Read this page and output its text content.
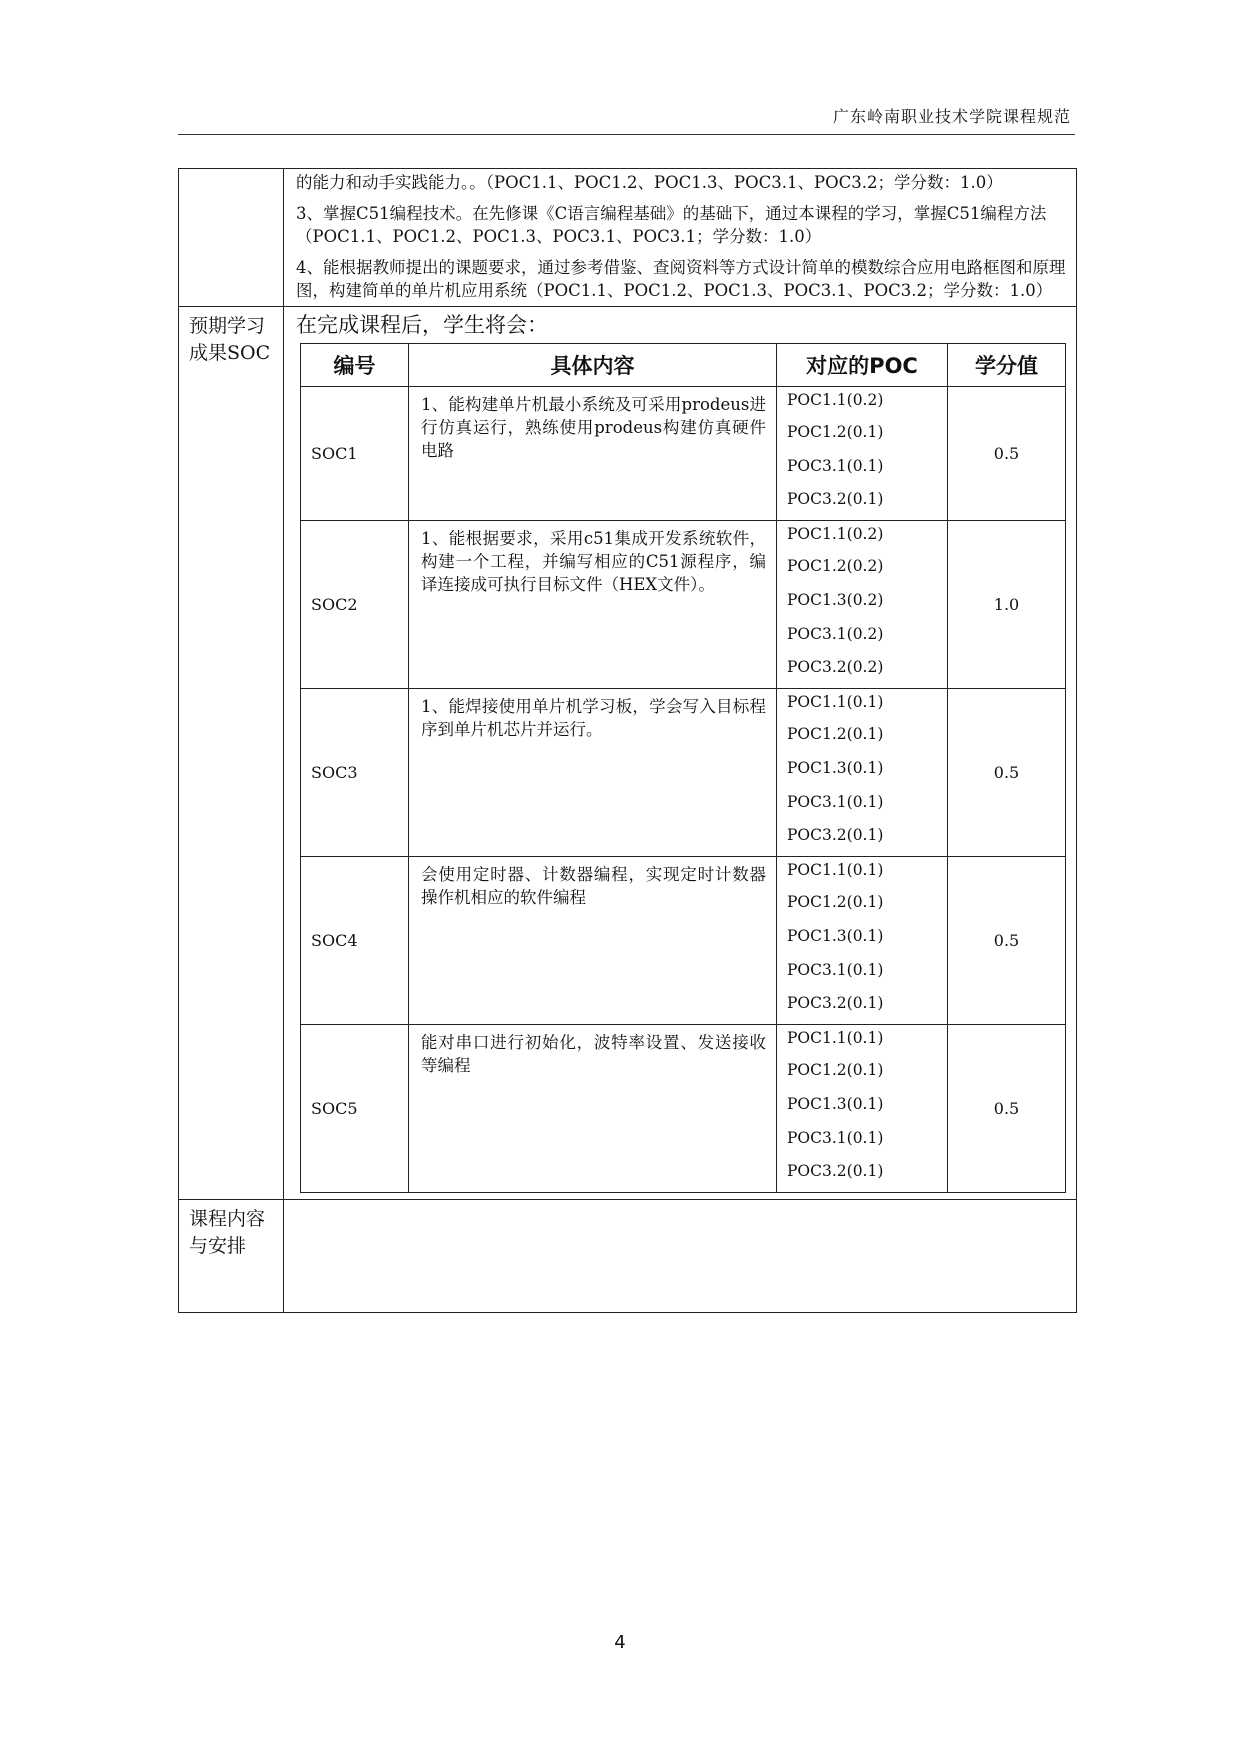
广东岭南职业技术学院课程规范

的能力和动手实践能力。。（POC1.1、POC1.2、POC1.3、POC3.1、POC3.2；学分数：1.0）

3、掌握C51编程技术。在先修课《C语言编程基础》的基础下，通过本课程的学习，掌握C51编程方法（POC1.1、POC1.2、POC1.3、POC3.1、POC3.1；学分数：1.0）

4、能根据教师提出的课题要求，通过参考借鉴、查阅资料等方式设计简单的模数综合应用电路框图和原理图，构建简单的单片机应用系统（POC1.1、POC1.2、POC1.3、POC3.1、POC3.2；学分数：1.0）

预期学习成果SOC
在完成课程后，学生将会：
编号	具体内容	对应的POC	学分值
SOC1	1、能构建单片机最小系统及可采用prodeus进行仿真运行，熟练使用prodeus构建仿真硬件电路	POC1.1(0.2)
POC1.2(0.1)
POC3.1(0.1)
POC3.2(0.1)	0.5
SOC2	1、能根据要求，采用c51集成开发系统软件，构建一个工程，并编写相应的C51源程序，编译连接成可执行目标文件（HEX文件）。	POC1.1(0.2)
POC1.2(0.2)
POC1.3(0.2)
POC3.1(0.2)
POC3.2(0.2)	1.0
SOC3	1、能焊接使用单片机学习板，学会写入目标程序到单片机芯片并运行。	POC1.1(0.1)
POC1.2(0.1)
POC1.3(0.1)
POC3.1(0.1)
POC3.2(0.1)	0.5
SOC4	会使用定时器、计数器编程，实现定时计数器操作机相应的软件编程	POC1.1(0.1)
POC1.2(0.1)
POC1.3(0.1)
POC3.1(0.1)
POC3.2(0.1)	0.5
SOC5	能对串口进行初始化，波特率设置、发送接收等编程	POC1.1(0.1)
POC1.2(0.1)
POC1.3(0.1)
POC3.1(0.1)
POC3.2(0.1)	0.5
课程内容与安排
4
